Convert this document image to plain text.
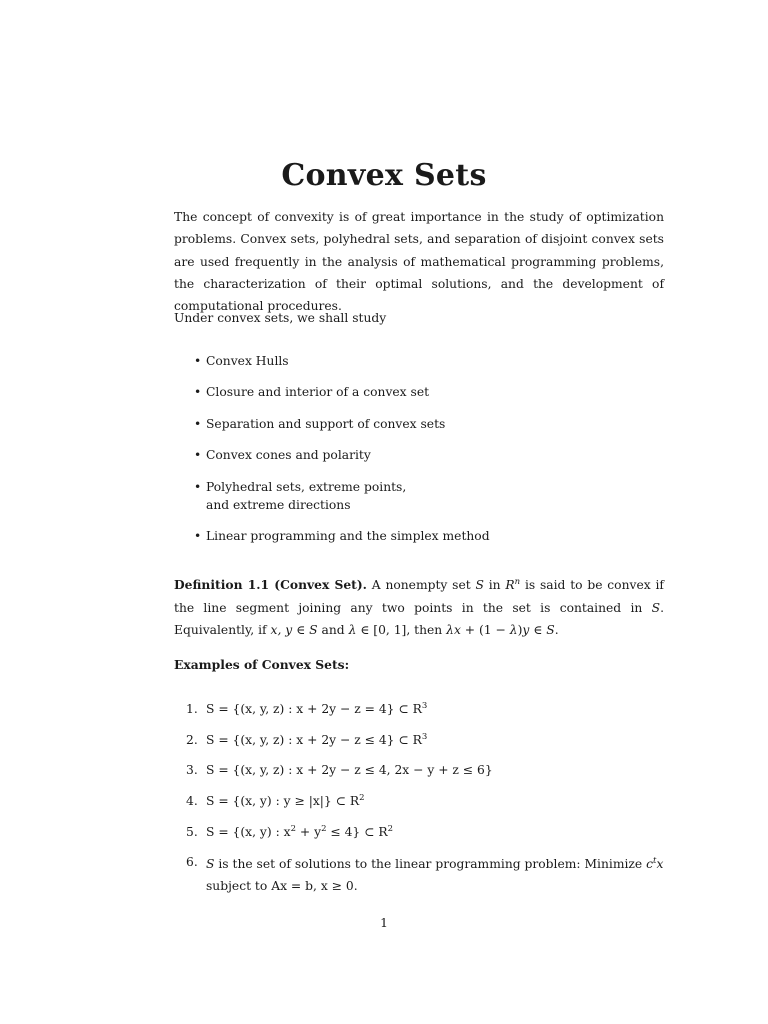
Convex Sets
The concept of convexity is of great importance in the study of optimization problems. Convex sets, polyhedral sets, and separation of disjoint convex sets are used frequently in the analysis of mathematical programming problems, the characterization of their optimal solutions, and the development of computational procedures.
Under convex sets, we shall study
• Convex Hulls
• Closure and interior of a convex set
• Separation and support of convex sets
• Convex cones and polarity
• Polyhedral sets, extreme points,
and extreme directions
• Linear programming and the simplex method
Definition 1.1 (Convex Set). A nonempty set S in $R^n$ is said to be convex if the line segment joining any two points in the set is contained in S. Equivalently, if x, y ∈ S and λ ∈ [0, 1], then λx + (1 − λ)y ∈ S.
Examples of Convex Sets:
1. S = {(x, y, z) : x + 2y − z = 4} ⊂ $R^3$
2. S = {(x, y, z) : x + 2y − z ≤ 4} ⊂ $R^3$
3. S = {(x, y, z) : x + 2y − z ≤ 4, 2x − y + z ≤ 6}
4. S = {(x, y) : y ≥ |x|} ⊂ $R^2$
5. S = {(x, y) : $x^2 + y^2 \le 4$} ⊂ $R^2$
6. S is the set of solutions to the linear programming problem: Minimize $c^tx$ subject to Ax = b, x ≥ 0.
1
